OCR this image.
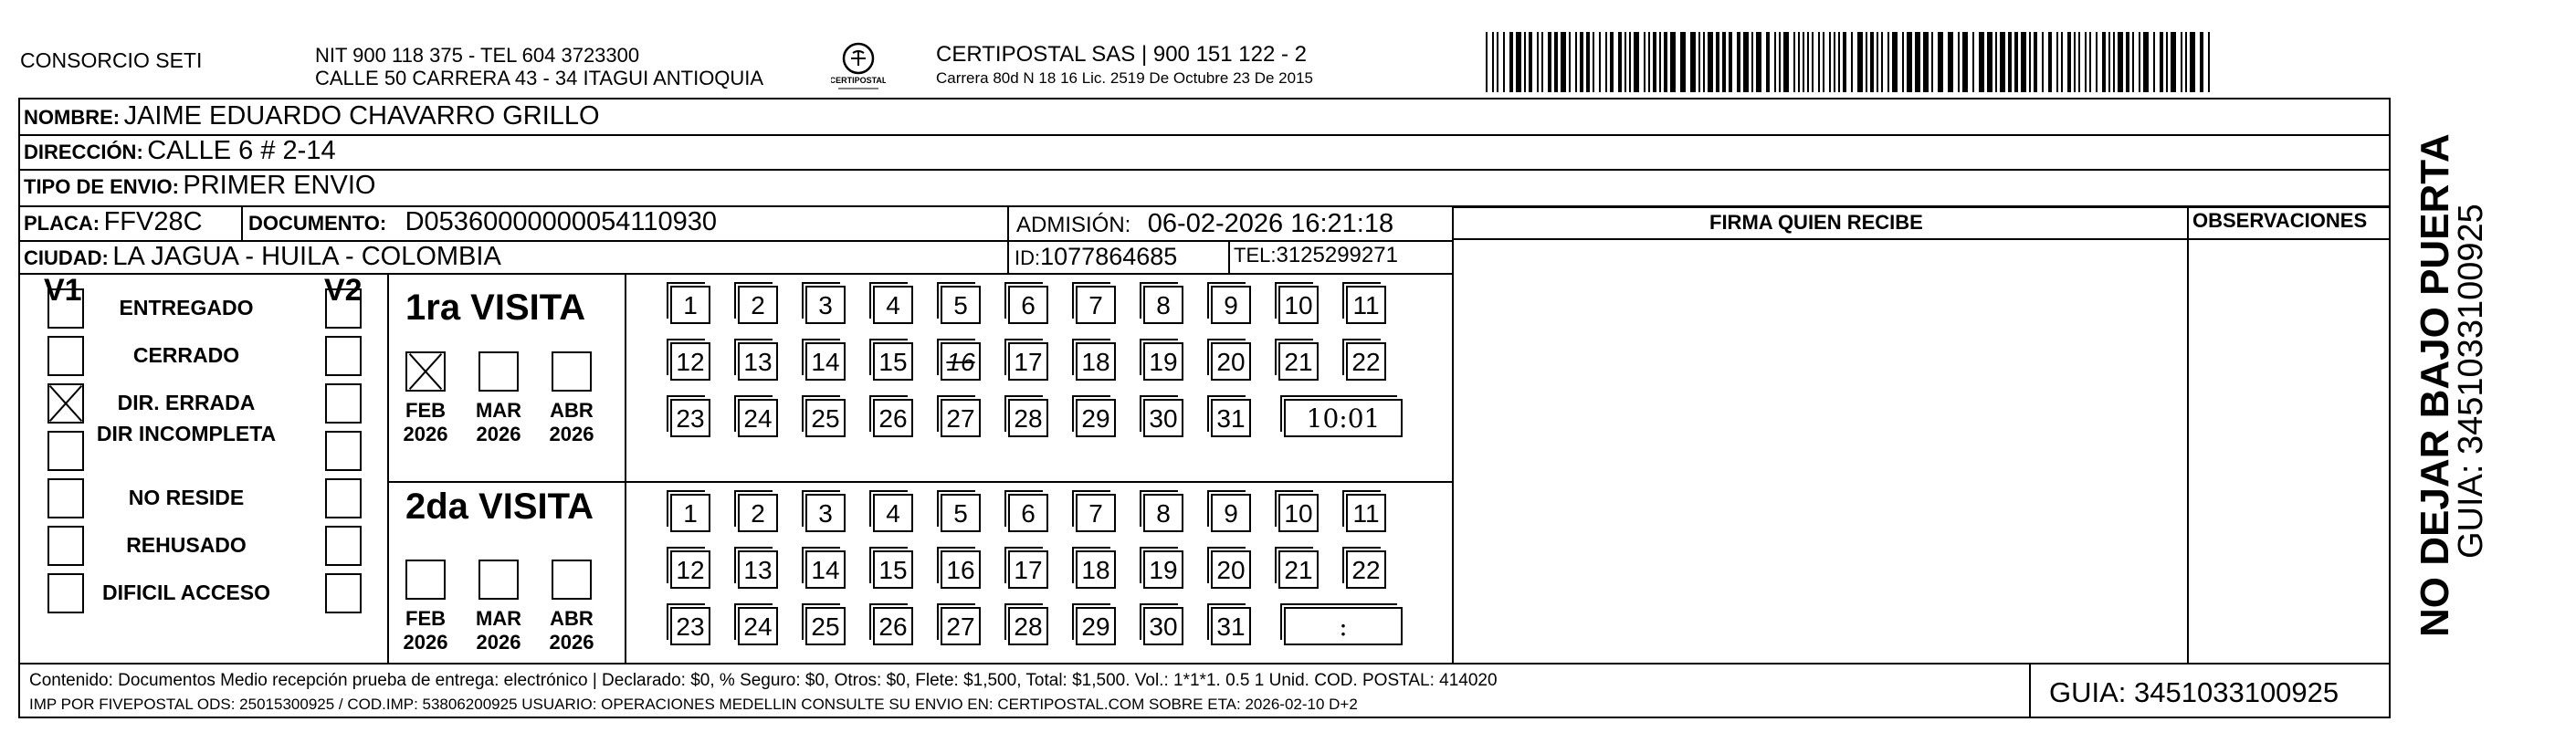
CONSORCIO SETI	NIT 900 118 375 - TEL 604 3723300
CALLE 50 CARRERA 43 - 34 ITAGUI ANTIOQUIA	CERTIPOSTAL
CERTIPOSTAL SAS | 900 151 122 - 2
Carrera 80d N 18 16 Lic. 2519 De Octubre 23 De 2015
NOMBRE: JAIME EDUARDO CHAVARRO GRILLO
DIRECCIÓN: CALLE 6 # 2-14
TIPO DE ENVIO: PRIMER ENVIO
PLACA: FFV28C DOCUMENTO: D05360000000054110930	ADMISIÓN: 06-02-2026 16:21:18
CIUDAD: LA JAGUA - HUILA - COLOMBIA	ID:1077864685	TEL:3125299271
FIRMA QUIEN RECIBE	OBSERVACIONES
V1	V2
ENTREGADO
CERRADO
DIR. ERRADA
DIR INCOMPLETA
NO RESIDE
REHUSADO
DIFICIL ACCESO
1ra VISITA
2da VISITA
FEB
2026
MAR
2026
ABR
2026
1	2	3	4	5	6	7	8	9	10 11
12 13 14 15 16 17 18 19 20 21 22
23 24 25 26 27 28 29 30 31	10:01
FEB
2026
MAR
2026
ABR
2026
1	2	3	4	5	6	7	8	9	10 11
12 13 14 15 16 17 18 19 20 21 22
23 24 25 26 27 28 29 30 31	:
Contenido: Documentos Medio recepción prueba de entrega: electrónico | Declarado: $0, % Seguro: $0, Otros: $0, Flete: $1,500, Total: $1,500. Vol.: 1*1*1. 0.5 1 Unid. COD. POSTAL: 414020
IMP POR FIVEPOSTAL ODS: 25015300925 / COD.IMP: 53806200925 USUARIO: OPERACIONES MEDELLIN CONSULTE SU ENVIO EN: CERTIPOSTAL.COM SOBRE ETA: 2026-02-10 D+2	GUIA: 3451033100925
NO DEJAR BAJO PUERTA
GUIA: 3451033100925
